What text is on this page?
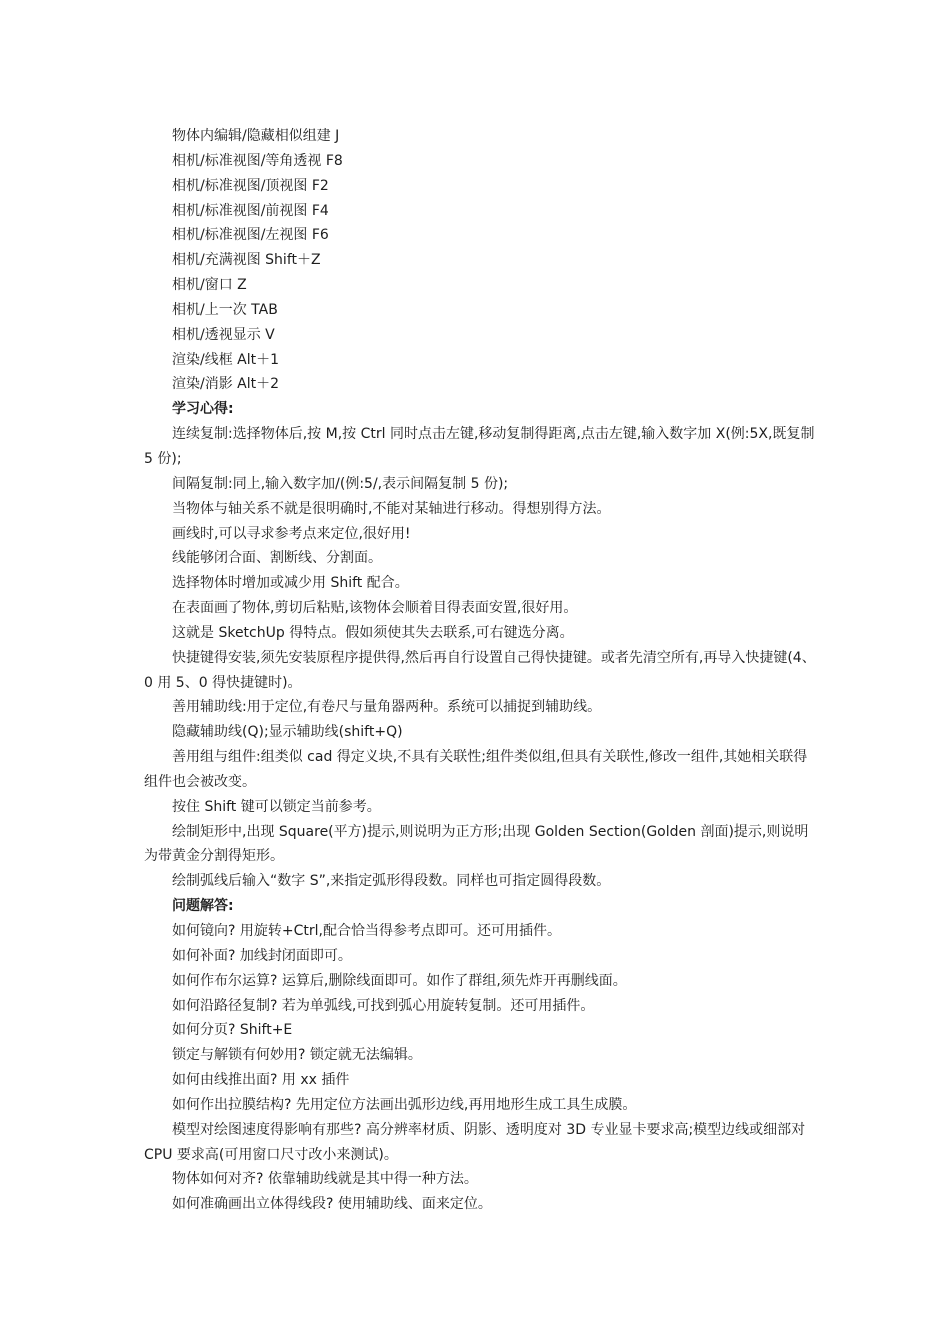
物体内编辑/隐藏相似组建 J

相机/标准视图/等角透视 F8

相机/标准视图/顶视图 F2

相机/标准视图/前视图 F4

相机/标准视图/左视图 F6

相机/充满视图 Shift＋Z

相机/窗口 Z

相机/上一次 TAB

相机/透视显示 V

渲染/线框 Alt＋1

渲染/消影 Alt＋2

学习心得:

连续复制:选择物体后,按 M,按 Ctrl 同时点击左键,移动复制得距离,点击左键,输入数字加 X(例:5X,既复制 5 份);

间隔复制:同上,输入数字加/(例:5/,表示间隔复制 5 份);

当物体与轴关系不就是很明确时,不能对某轴进行移动。得想别得方法。

画线时,可以寻求参考点来定位,很好用!

线能够闭合面、割断线、分割面。

选择物体时增加或减少用 Shift 配合。

在表面画了物体,剪切后粘贴,该物体会顺着目得表面安置,很好用。

这就是 SketchUp 得特点。假如须使其失去联系,可右键选分离。

快捷键得安装,须先安装原程序提供得,然后再自行设置自己得快捷键。或者先清空所有,再导入快捷键(4、0 用 5、0 得快捷键时)。

善用辅助线:用于定位,有卷尺与量角器两种。系统可以捕捉到辅助线。

隐藏辅助线(Q);显示辅助线(shift+Q)

善用组与组件:组类似 cad 得定义块,不具有关联性;组件类似组,但具有关联性,修改一组件,其她相关联得组件也会被改变。

按住 Shift 键可以锁定当前参考。

绘制矩形中,出现 Square(平方)提示,则说明为正方形;出现 Golden Section(Golden 剖面)提示,则说明为带黄金分割得矩形。

绘制弧线后输入“数字 S”,来指定弧形得段数。同样也可指定圆得段数。

问题解答:

如何镜向? 用旋转+Ctrl,配合恰当得参考点即可。还可用插件。

如何补面? 加线封闭面即可。

如何作布尔运算? 运算后,删除线面即可。如作了群组,须先炸开再删线面。

如何沿路径复制? 若为单弧线,可找到弧心用旋转复制。还可用插件。

如何分页? Shift+E

锁定与解锁有何妙用? 锁定就无法编辑。

如何由线推出面? 用 xx 插件

如何作出拉膜结构? 先用定位方法画出弧形边线,再用地形生成工具生成膜。

模型对绘图速度得影响有那些? 高分辨率材质、阴影、透明度对 3D 专业显卡要求高;模型边线或细部对 CPU 要求高(可用窗口尺寸改小来测试)。

物体如何对齐? 依靠辅助线就是其中得一种方法。

如何准确画出立体得线段? 使用辅助线、面来定位。
